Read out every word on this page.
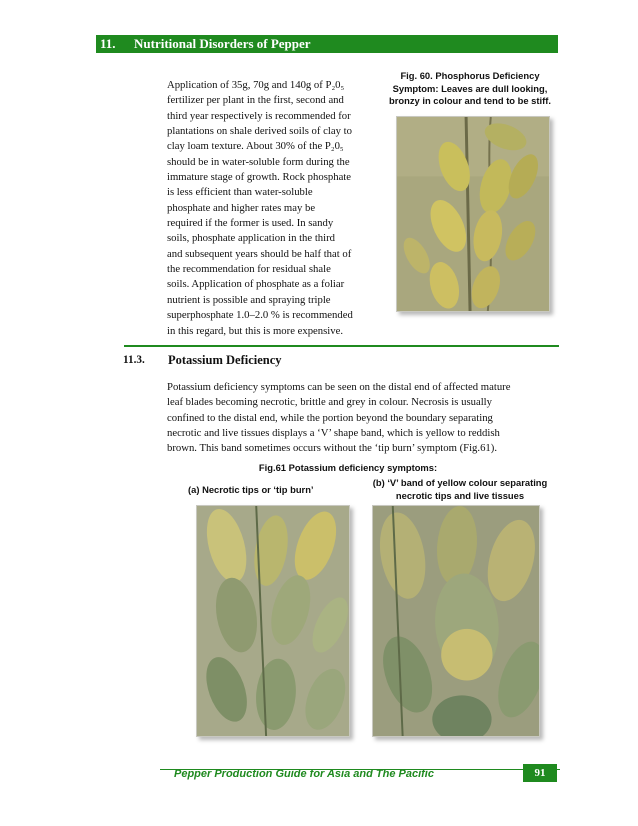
11. Nutritional Disorders of Pepper
Application of 35g, 70g and 140g of P₂0₅
fertilizer per plant in the first, second and
third year respectively is recommended for
plantations on shale derived soils of clay to
clay loam texture. About 30% of the P₂0₅
should be in water-soluble form during the
immature stage of growth. Rock phosphate
is less efficient than water-soluble
phosphate and higher rates may be
required if the former is used. In sandy
soils, phosphate application in the third
and subsequent years should be half that of
the recommendation for residual shale
soils. Application of phosphate as a foliar
nutrient is possible and spraying triple
superphosphate 1.0–2.0 % is recommended
in this regard, but this is more expensive.
Fig. 60. Phosphorus Deficiency
Symptom: Leaves are dull looking,
bronzy in colour and tend to be stiff.
11.3. Potassium Deficiency
Potassium deficiency symptoms can be seen on the distal end of affected mature
leaf blades becoming necrotic, brittle and grey in colour. Necrosis is usually
confined to the distal end, while the portion beyond the boundary separating
necrotic and live tissues displays a ‘V’ shape band, which is yellow to reddish
brown. This band sometimes occurs without the ‘tip burn’ symptom (Fig.61).
Fig.61 Potassium deficiency symptoms:
(a) Necrotic tips or ‘tip burn’
(b) ‘V’ band of yellow colour separating
necrotic tips and live tissues
Pepper Production Guide for Asia and The Pacific	91
